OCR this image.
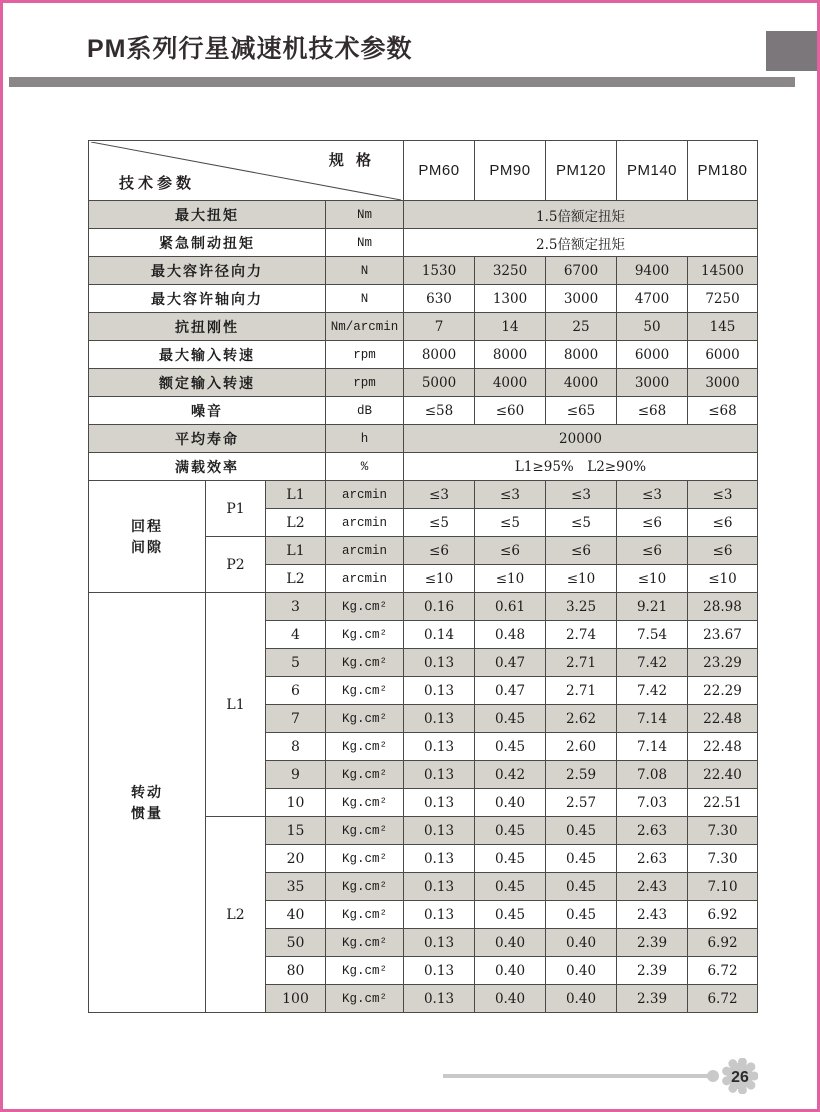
PM系列行星减速机技术参数
规 格
技术参数				PM60	PM90	PM120	PM140	PM180
最大扭矩			Nm	1.5倍额定扭矩				
紧急制动扭矩			Nm	2.5倍额定扭矩				
最大容许径向力			N	1530	3250	6700	9400	14500
最大容许轴向力			N	630	1300	3000	4700	7250
抗扭刚性			Nm/arcmin	7	14	25	50	145
最大输入转速			rpm	8000	8000	8000	6000	6000
额定输入转速			rpm	5000	4000	4000	3000	3000
噪音			dB	≤58	≤60	≤65	≤68	≤68
平均寿命			h	20000				
满载效率			%	L1≥95% L2≥90%				
回程间隙	P1	L1	arcmin	≤3	≤3	≤3	≤3	≤3
		L2	arcmin	≤5	≤5	≤5	≤6	≤6
	P2	L1	arcmin	≤6	≤6	≤6	≤6	≤6
		L2	arcmin	≤10	≤10	≤10	≤10	≤10
转动惯量	L1	3	Kg.cm²	0.16	0.61	3.25	9.21	28.98
		4	Kg.cm²	0.14	0.48	2.74	7.54	23.67
		5	Kg.cm²	0.13	0.47	2.71	7.42	23.29
		6	Kg.cm²	0.13	0.47	2.71	7.42	22.29
		7	Kg.cm²	0.13	0.45	2.62	7.14	22.48
		8	Kg.cm²	0.13	0.45	2.60	7.14	22.48
		9	Kg.cm²	0.13	0.42	2.59	7.08	22.40
		10	Kg.cm²	0.13	0.40	2.57	7.03	22.51
	L2	15	Kg.cm²	0.13	0.45	0.45	2.63	7.30
		20	Kg.cm²	0.13	0.45	0.45	2.63	7.30
		35	Kg.cm²	0.13	0.45	0.45	2.43	7.10
		40	Kg.cm²	0.13	0.45	0.45	2.43	6.92
		50	Kg.cm²	0.13	0.40	0.40	2.39	6.92
		80	Kg.cm²	0.13	0.40	0.40	2.39	6.72
		100	Kg.cm²	0.13	0.40	0.40	2.39	6.72
26
